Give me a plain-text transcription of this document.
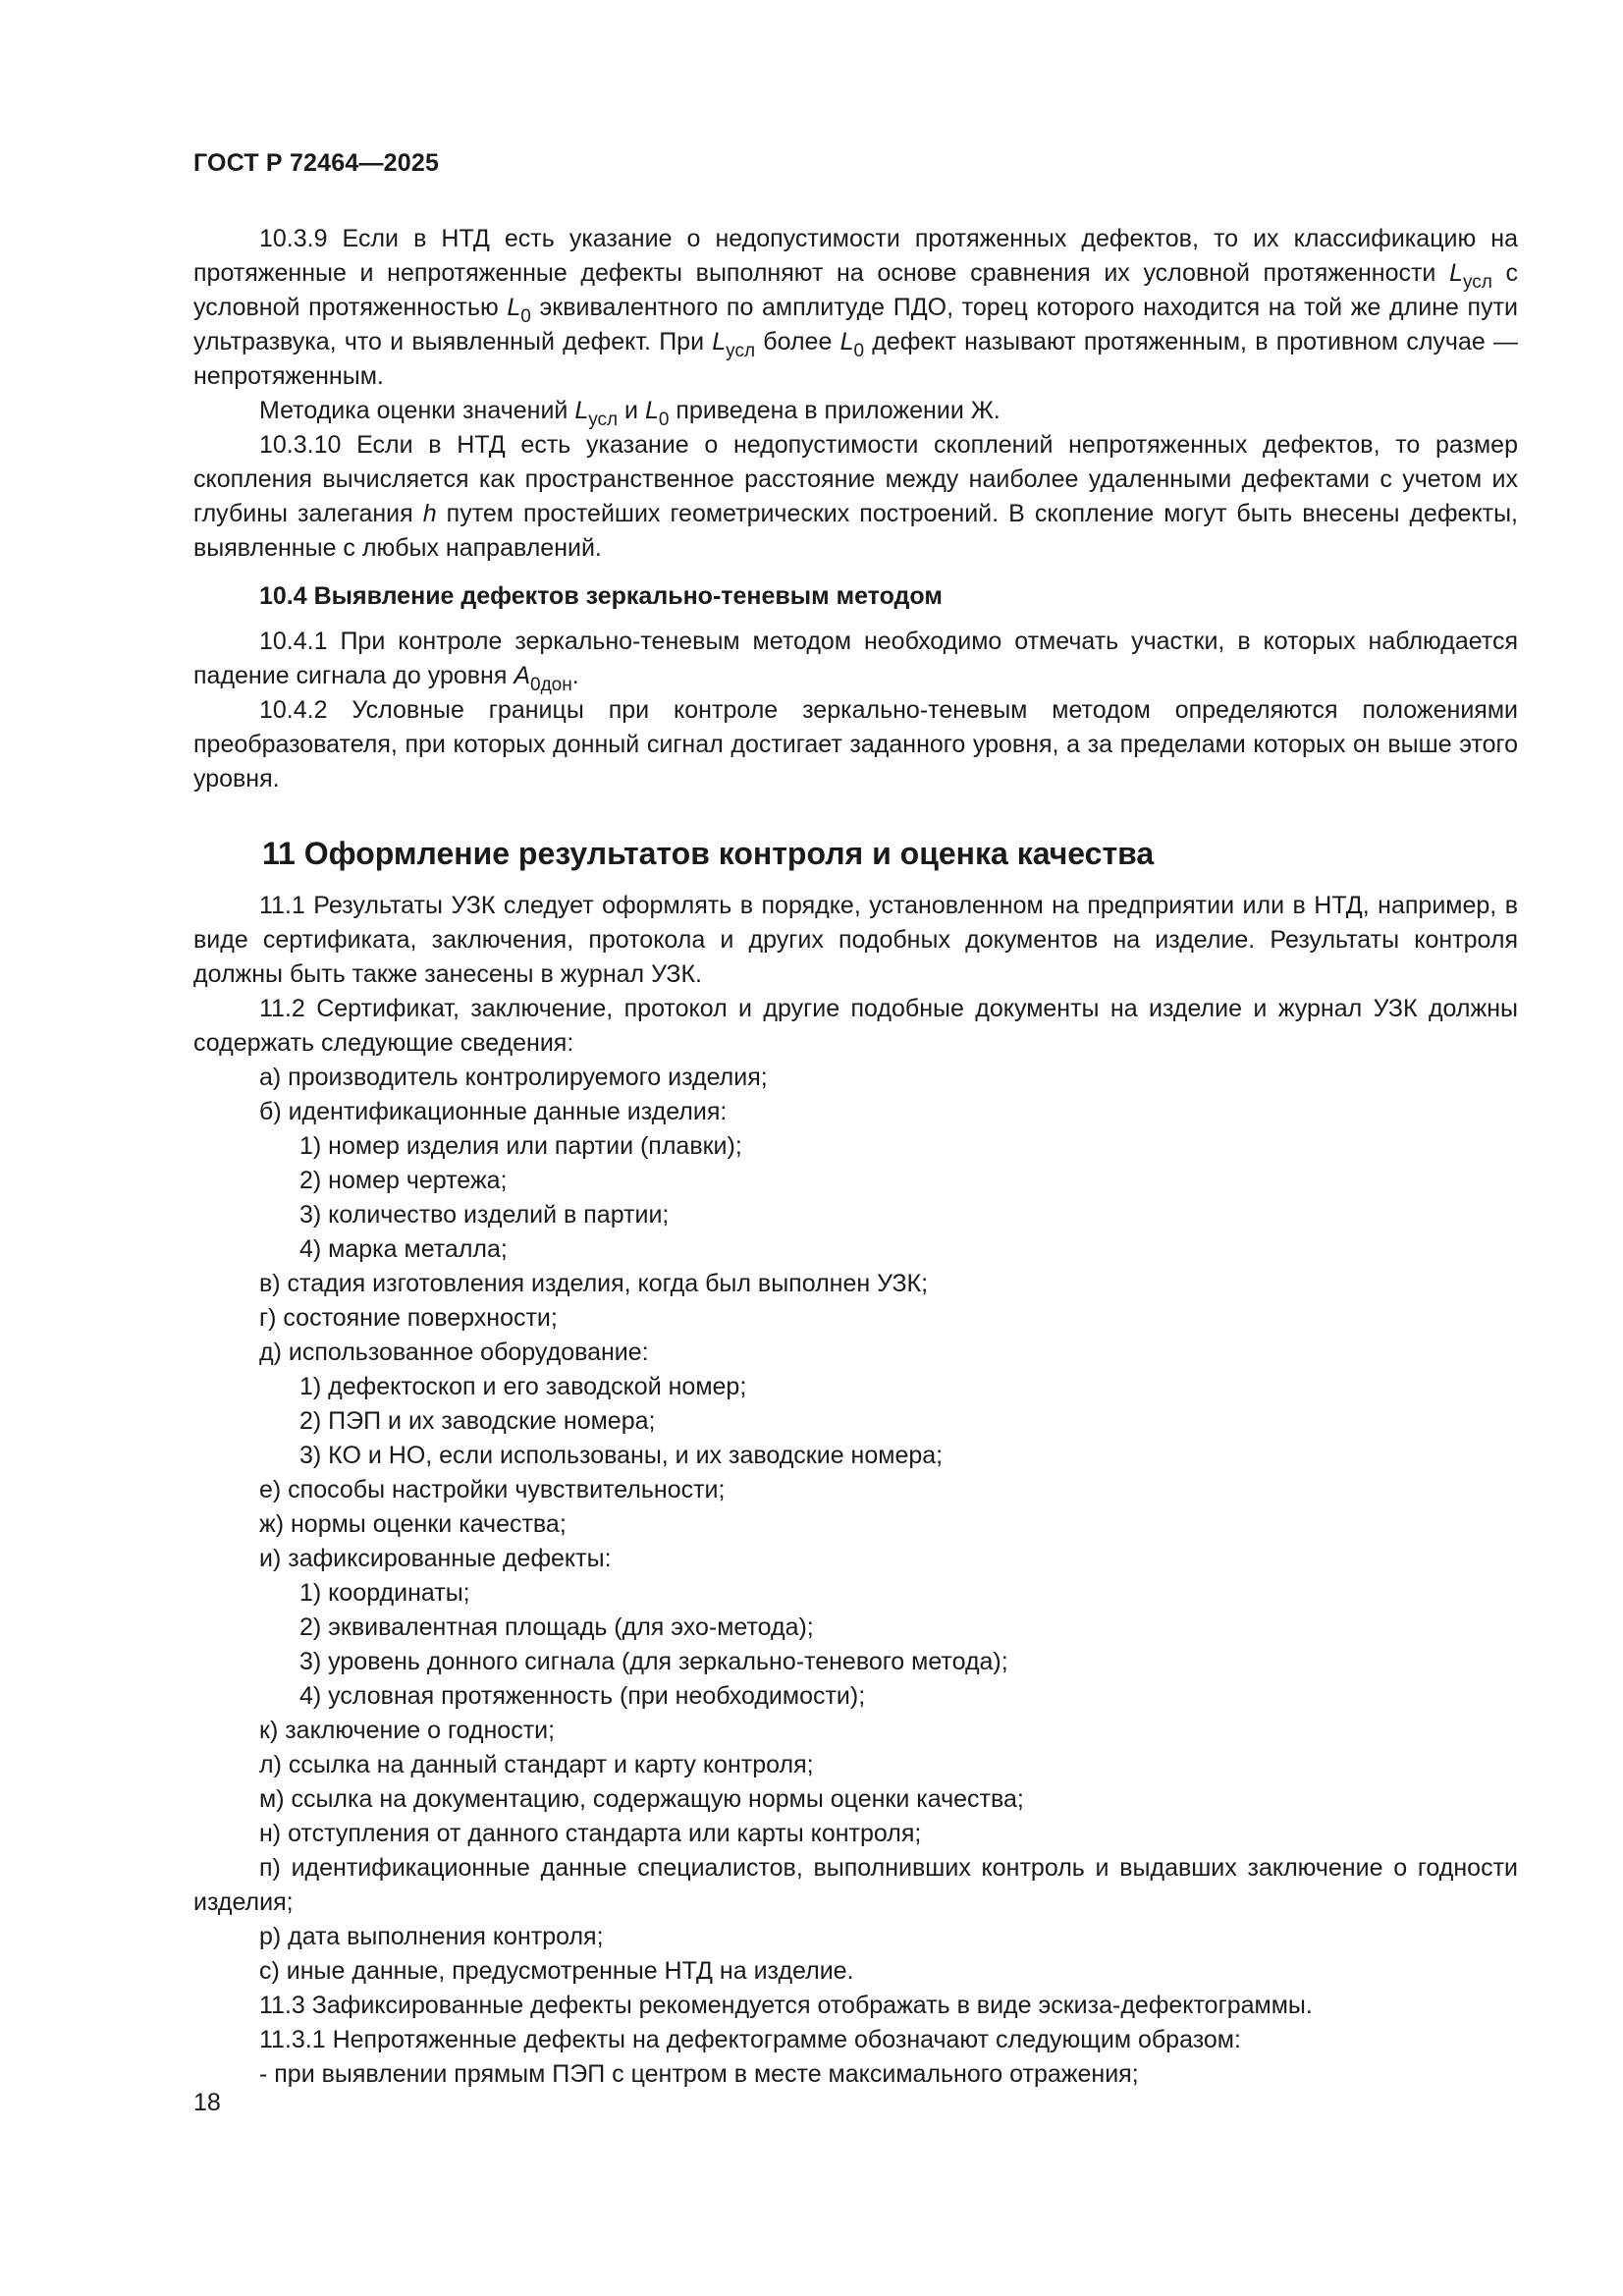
ГОСТ Р 72464—2025

10.3.9 Если в НТД есть указание о недопустимости протяженных дефектов, то их классификацию на протяженные и непротяженные дефекты выполняют на основе сравнения их условной протяженности $L_{усл}$ с условной протяженностью $L_0$ эквивалентного по амплитуде ПДО, торец которого находится на той же длине пути ультразвука, что и выявленный дефект. При $L_{усл}$ более $L_0$ дефект называют протяженным, в противном случае — непротяженным.

Методика оценки значений $L_{усл}$ и $L_0$ приведена в приложении Ж.

10.3.10 Если в НТД есть указание о недопустимости скоплений непротяженных дефектов, то размер скопления вычисляется как пространственное расстояние между наиболее удаленными дефектами с учетом их глубины залегания h путем простейших геометрических построений. В скопление могут быть внесены дефекты, выявленные с любых направлений.

10.4 Выявление дефектов зеркально-теневым методом

10.4.1 При контроле зеркально-теневым методом необходимо отмечать участки, в которых наблюдается падение сигнала до уровня $A_{0дон}$.

10.4.2 Условные границы при контроле зеркально-теневым методом определяются положениями преобразователя, при которых донный сигнал достигает заданного уровня, а за пределами которых он выше этого уровня.

11 Оформление результатов контроля и оценка качества

11.1 Результаты УЗК следует оформлять в порядке, установленном на предприятии или в НТД, например, в виде сертификата, заключения, протокола и других подобных документов на изделие. Результаты контроля должны быть также занесены в журнал УЗК.

11.2 Сертификат, заключение, протокол и другие подобные документы на изделие и журнал УЗК должны содержать следующие сведения:

а) производитель контролируемого изделия;

б) идентификационные данные изделия:

1) номер изделия или партии (плавки);

2) номер чертежа;

3) количество изделий в партии;

4) марка металла;

в) стадия изготовления изделия, когда был выполнен УЗК;

г) состояние поверхности;

д) использованное оборудование:

1) дефектоскоп и его заводской номер;

2) ПЭП и их заводские номера;

3) КО и НО, если использованы, и их заводские номера;

е) способы настройки чувствительности;

ж) нормы оценки качества;

и) зафиксированные дефекты:

1) координаты;

2) эквивалентная площадь (для эхо-метода);

3) уровень донного сигнала (для зеркально-теневого метода);

4) условная протяженность (при необходимости);

к) заключение о годности;

л) ссылка на данный стандарт и карту контроля;

м) ссылка на документацию, содержащую нормы оценки качества;

н) отступления от данного стандарта или карты контроля;

п) идентификационные данные специалистов, выполнивших контроль и выдавших заключение о годности изделия;

р) дата выполнения контроля;

с) иные данные, предусмотренные НТД на изделие.

11.3 Зафиксированные дефекты рекомендуется отображать в виде эскиза-дефектограммы.

11.3.1 Непротяженные дефекты на дефектограмме обозначают следующим образом:

- при выявлении прямым ПЭП с центром в месте максимального отражения;

18
